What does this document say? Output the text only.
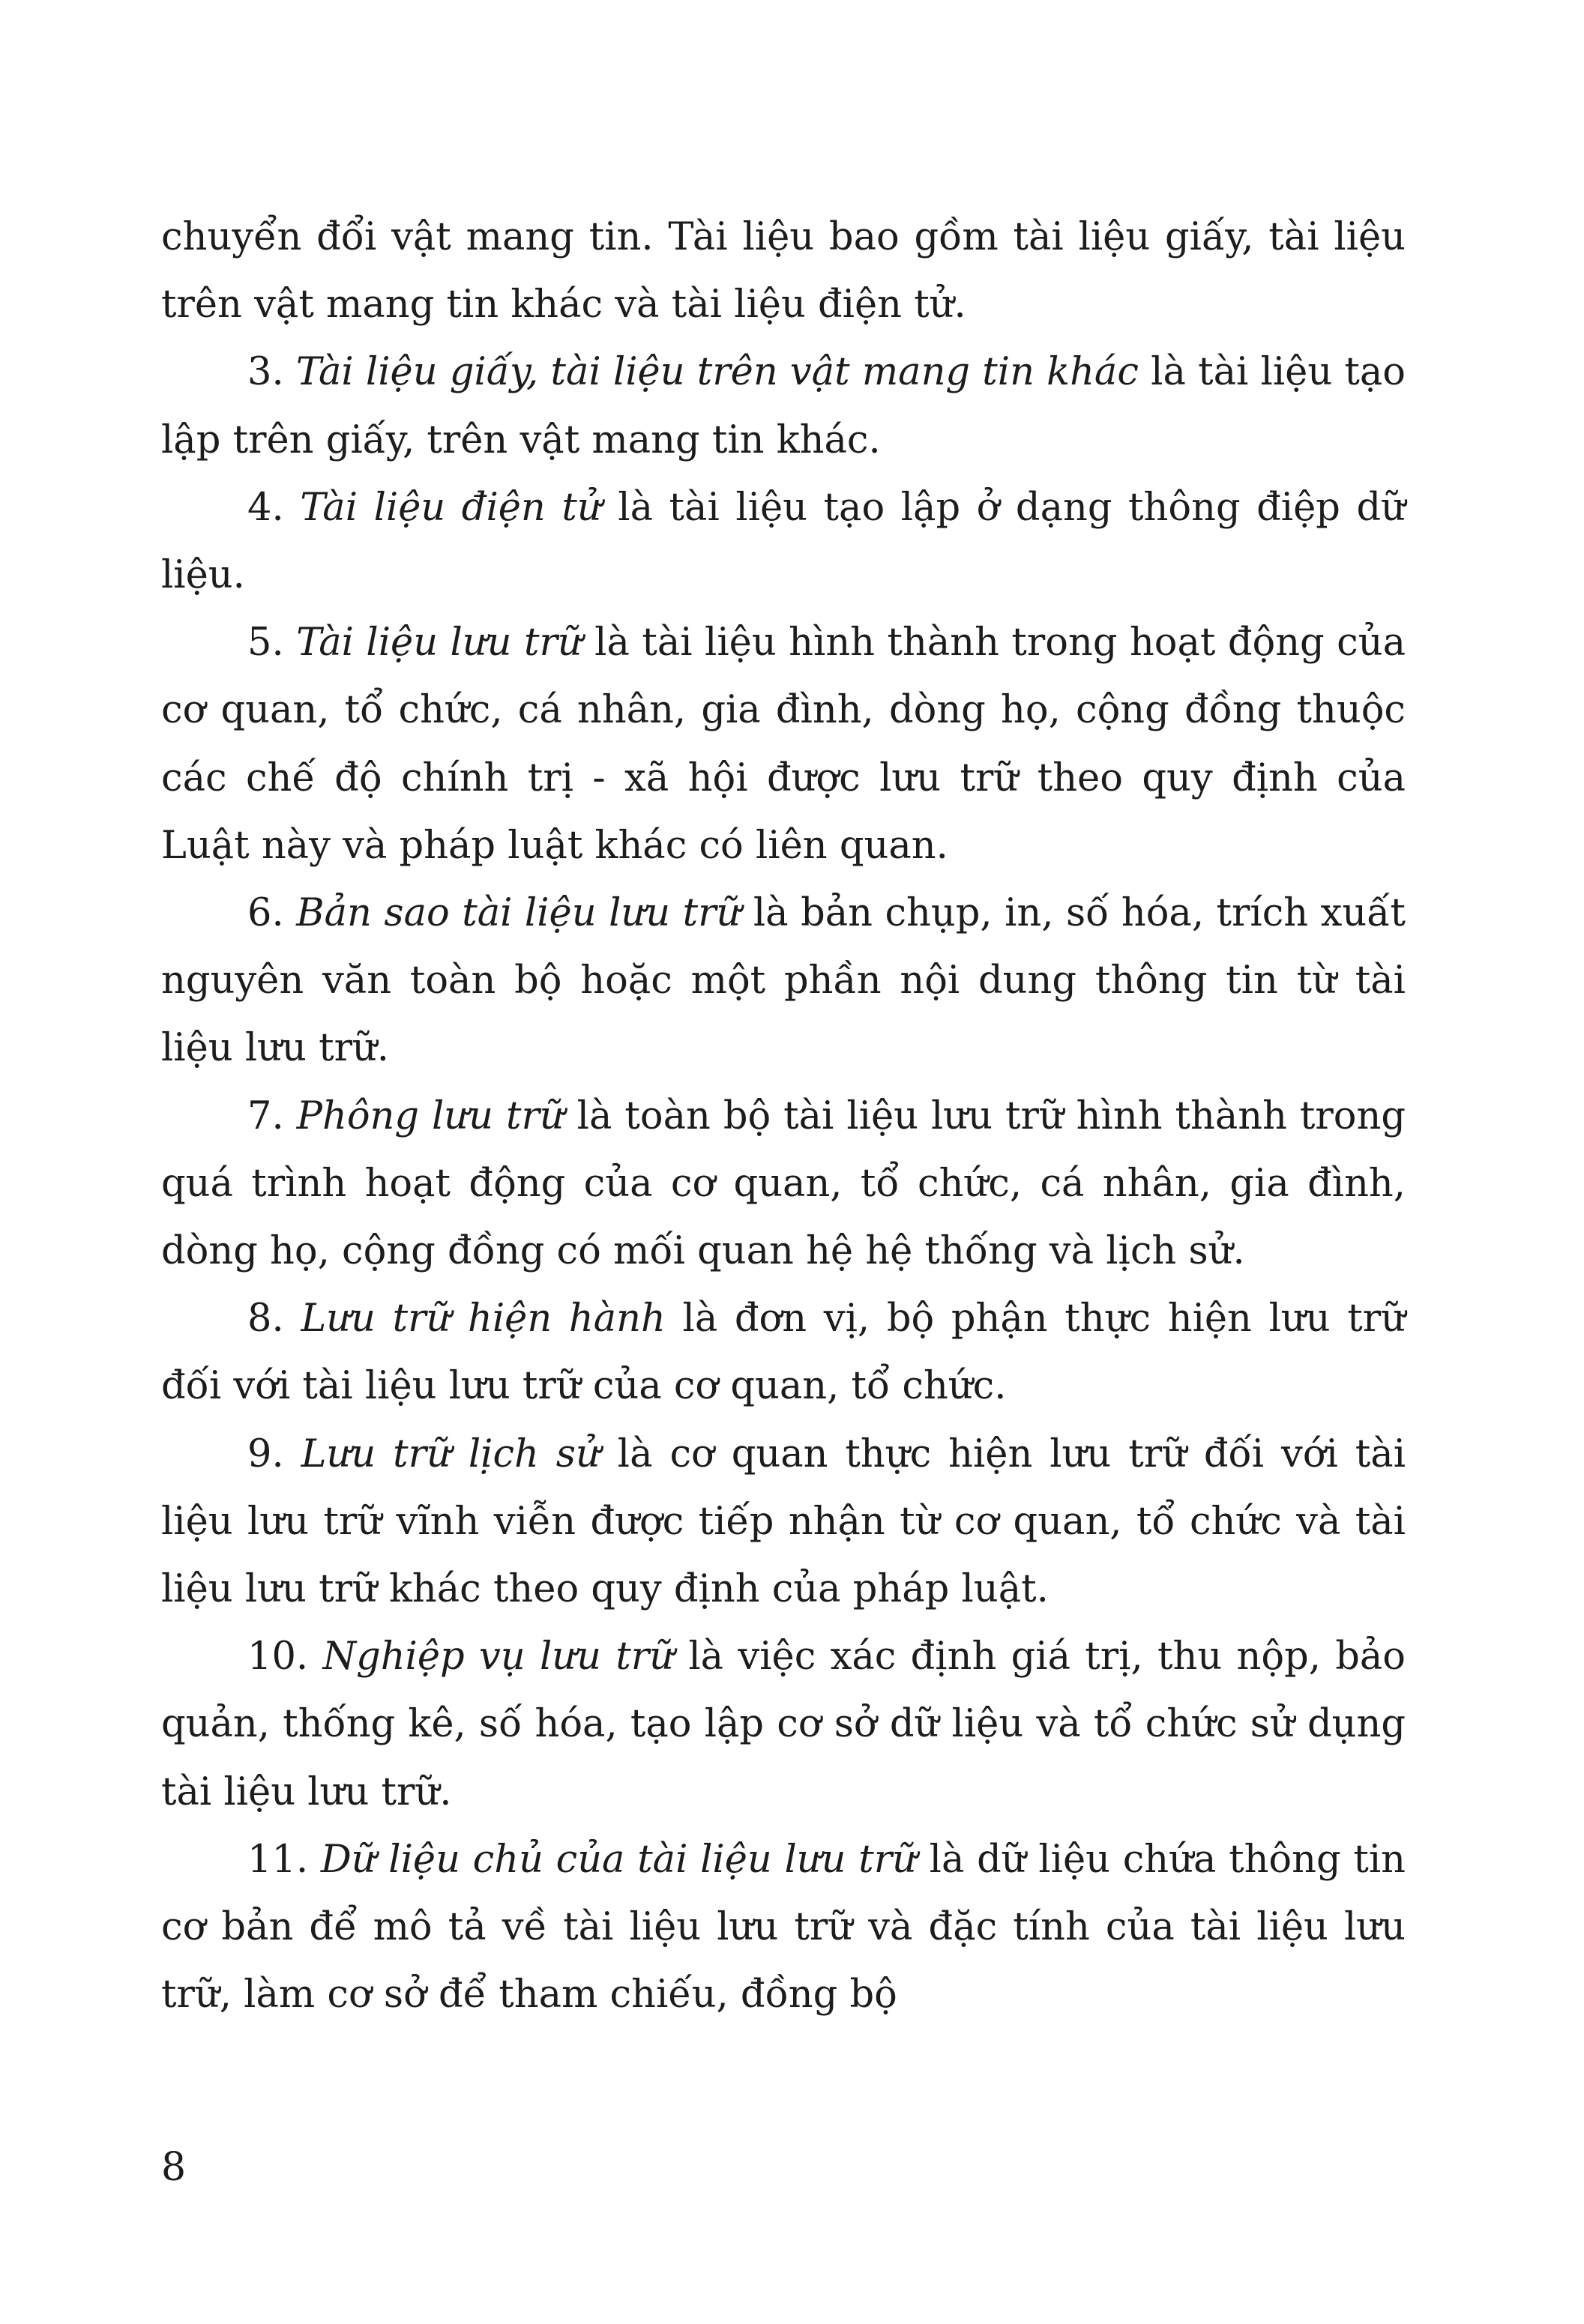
chuyển đổi vật mang tin. Tài liệu bao gồm tài liệu giấy, tài liệu trên vật mang tin khác và tài liệu điện tử.

3. Tài liệu giấy, tài liệu trên vật mang tin khác là tài liệu tạo lập trên giấy, trên vật mang tin khác.

4. Tài liệu điện tử là tài liệu tạo lập ở dạng thông điệp dữ liệu.

5. Tài liệu lưu trữ là tài liệu hình thành trong hoạt động của cơ quan, tổ chức, cá nhân, gia đình, dòng họ, cộng đồng thuộc các chế độ chính trị - xã hội được lưu trữ theo quy định của Luật này và pháp luật khác có liên quan.

6. Bản sao tài liệu lưu trữ là bản chụp, in, số hóa, trích xuất nguyên văn toàn bộ hoặc một phần nội dung thông tin từ tài liệu lưu trữ.

7. Phông lưu trữ là toàn bộ tài liệu lưu trữ hình thành trong quá trình hoạt động của cơ quan, tổ chức, cá nhân, gia đình, dòng họ, cộng đồng có mối quan hệ hệ thống và lịch sử.

8. Lưu trữ hiện hành là đơn vị, bộ phận thực hiện lưu trữ đối với tài liệu lưu trữ của cơ quan, tổ chức.

9. Lưu trữ lịch sử là cơ quan thực hiện lưu trữ đối với tài liệu lưu trữ vĩnh viễn được tiếp nhận từ cơ quan, tổ chức và tài liệu lưu trữ khác theo quy định của pháp luật.

10. Nghiệp vụ lưu trữ là việc xác định giá trị, thu nộp, bảo quản, thống kê, số hóa, tạo lập cơ sở dữ liệu và tổ chức sử dụng tài liệu lưu trữ.

11. Dữ liệu chủ của tài liệu lưu trữ là dữ liệu chứa thông tin cơ bản để mô tả về tài liệu lưu trữ và đặc tính của tài liệu lưu trữ, làm cơ sở để tham chiếu, đồng bộ

8
